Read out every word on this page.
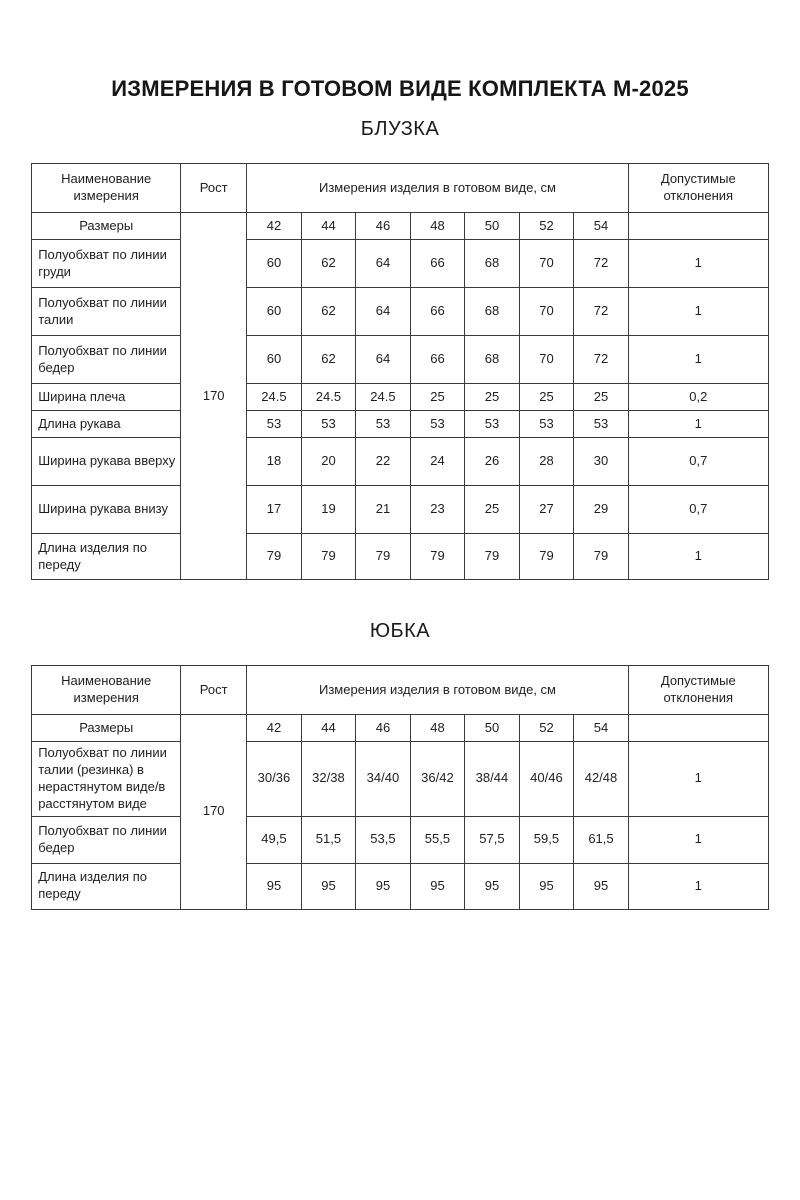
ИЗМЕРЕНИЯ В ГОТОВОМ ВИДЕ КОМПЛЕКТА М-2025
БЛУЗКА
Наименование измерения	Рост	Измерения изделия в готовом виде, см							Допустимые отклонения
Размеры	170	42	44	46	48	50	52	54	
Полуобхват по линии груди		60	62	64	66	68	70	72	1
Полуобхват по линии талии		60	62	64	66	68	70	72	1
Полуобхват по линии бедер		60	62	64	66	68	70	72	1
Ширина плеча		24.5	24.5	24.5	25	25	25	25	0,2
Длина рукава		53	53	53	53	53	53	53	1
Ширина рукава вверху		18	20	22	24	26	28	30	0,7
Ширина рукава внизу		17	19	21	23	25	27	29	0,7
Длина изделия по переду		79	79	79	79	79	79	79	1
ЮБКА
Наименование измерения	Рост	Измерения изделия в готовом виде, см							Допустимые отклонения
Размеры	170	42	44	46	48	50	52	54	
Полуобхват по линии талии (резинка) в нерастянутом виде/в расстянутом виде		30/36	32/38	34/40	36/42	38/44	40/46	42/48	1
Полуобхват по линии бедер		49,5	51,5	53,5	55,5	57,5	59,5	61,5	1
Длина изделия по переду		95	95	95	95	95	95	95	1
